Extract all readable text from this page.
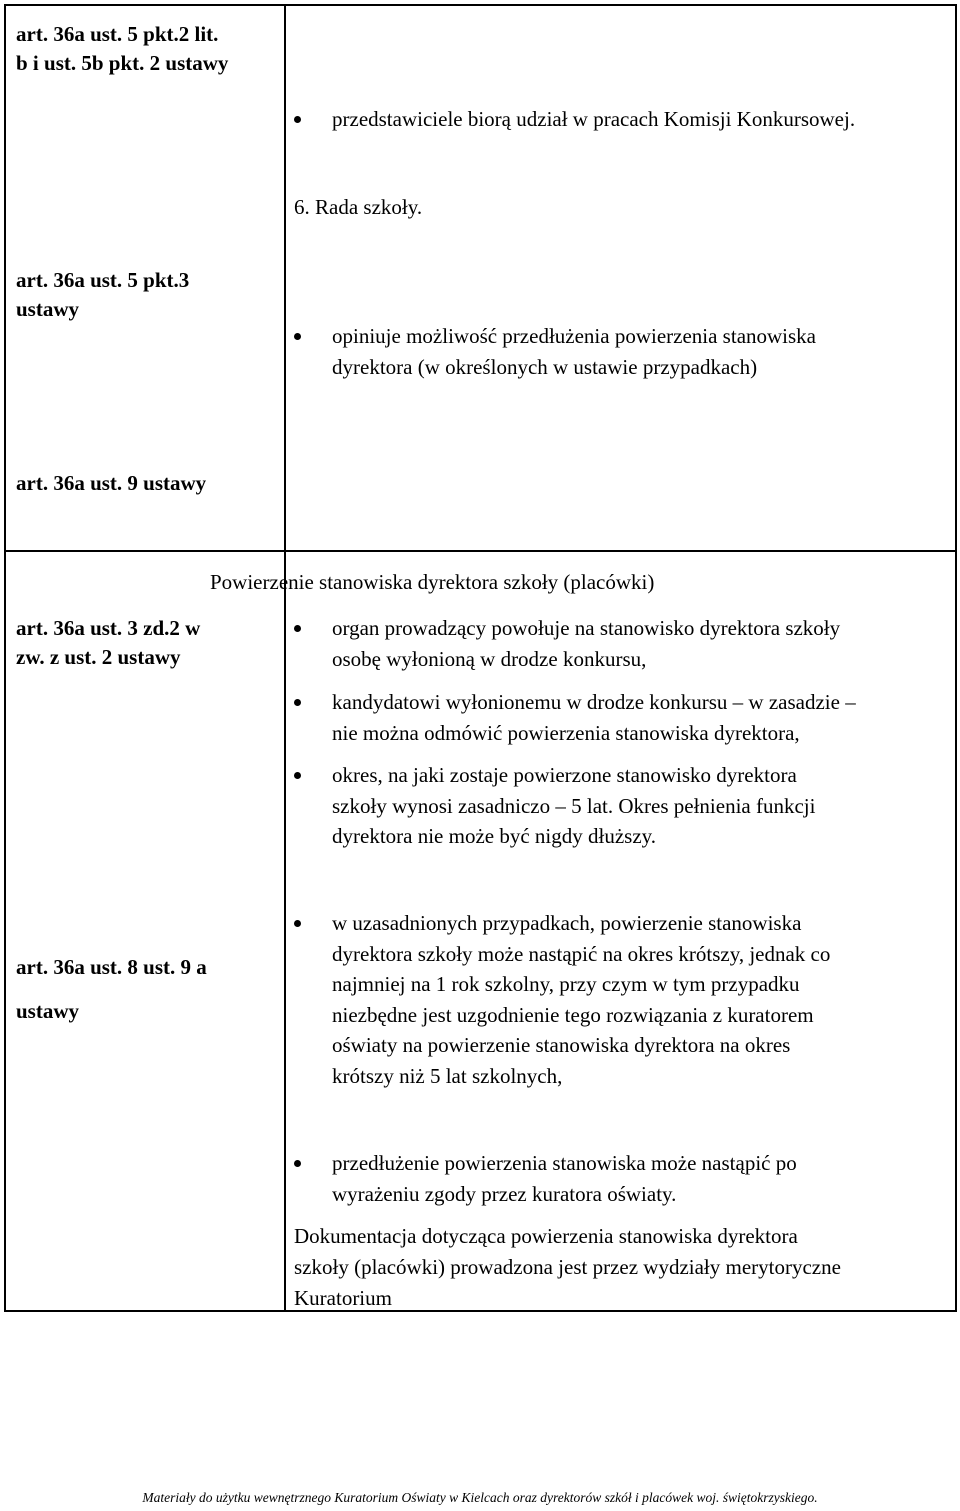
art. 36a ust. 5 pkt.2 lit.
b i ust. 5b pkt. 2 ustawy
art. 36a ust. 5 pkt.3
ustawy
art. 36a ust. 9 ustawy
art. 36a ust. 3 zd.2 w
zw. z ust. 2 ustawy
art. 36a ust. 8 ust. 9 a
ustawy
przedstawiciele biorą udział w pracach Komisji Konkursowej.
6. Rada szkoły.
opiniuje możliwość przedłużenia powierzenia stanowiska
dyrektora (w określonych w ustawie przypadkach)
Powierzenie stanowiska dyrektora szkoły (placówki)
organ prowadzący powołuje na stanowisko dyrektora szkoły
osobę wyłonioną w drodze konkursu,
kandydatowi wyłonionemu w drodze konkursu – w zasadzie –
nie można odmówić powierzenia stanowiska dyrektora,
okres, na jaki zostaje powierzone stanowisko dyrektora
szkoły wynosi zasadniczo – 5 lat. Okres pełnienia funkcji
dyrektora nie może być nigdy dłuższy.
w uzasadnionych przypadkach, powierzenie stanowiska
dyrektora szkoły może nastąpić na okres krótszy, jednak co
najmniej na 1 rok szkolny, przy czym w tym przypadku
niezbędne jest uzgodnienie tego rozwiązania z kuratorem
oświaty na powierzenie stanowiska dyrektora na okres
krótszy niż 5 lat szkolnych,
przedłużenie powierzenia stanowiska może nastąpić po
wyrażeniu zgody przez kuratora oświaty.
Dokumentacja dotycząca powierzenia stanowiska dyrektora
szkoły (placówki) prowadzona jest przez wydziały merytoryczne
Kuratorium
Materiały do użytku wewnętrznego Kuratorium Oświaty w Kielcach oraz dyrektorów szkół i placówek woj. świętokrzyskiego.
